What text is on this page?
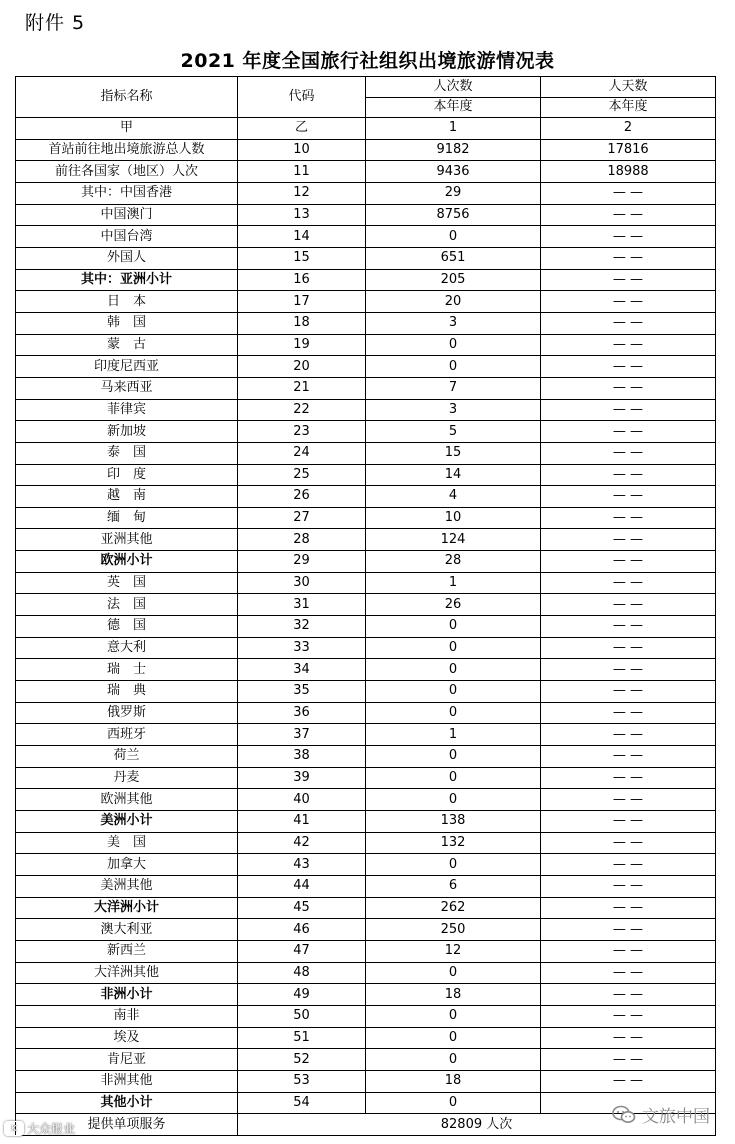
附件 5
2021 年度全国旅行社组织出境旅游情况表
指标名称	代码	人次数	人天数
		本年度	本年度
甲	乙	1	2
首站前往地出境旅游总人数	10	9182	17816
前往各国家（地区）人次	11	9436	18988
其中：中国香港	12	29	— —
中国澳门	13	8756	— —
中国台湾	14	0	— —
外国人	15	651	— —
其中：亚洲小计	16	205	— —
日　本	17	20	— —
韩　国	18	3	— —
蒙　古	19	0	— —
印度尼西亚	20	0	— —
马来西亚	21	7	— —
菲律宾	22	3	— —
新加坡	23	5	— —
泰　国	24	15	— —
印　度	25	14	— —
越　南	26	4	— —
缅　甸	27	10	— —
亚洲其他	28	124	— —
欧洲小计	29	28	— —
英　国	30	1	— —
法　国	31	26	— —
德　国	32	0	— —
意大利	33	0	— —
瑞　士	34	0	— —
瑞　典	35	0	— —
俄罗斯	36	0	— —
西班牙	37	1	— —
荷兰	38	0	— —
丹麦	39	0	— —
欧洲其他	40	0	— —
美洲小计	41	138	— —
美　国	42	132	— —
加拿大	43	0	— —
美洲其他	44	6	— —
大洋洲小计	45	262	— —
澳大利亚	46	250	— —
新西兰	47	12	— —
大洋洲其他	48	0	— —
非洲小计	49	18	— —
南非	50	0	— —
埃及	51	0	— —
肯尼亚	52	0	— —
非洲其他	53	18	— —
其他小计	54	0	
提供单项服务	82809 人次		
K 大众报业
文旅中国
